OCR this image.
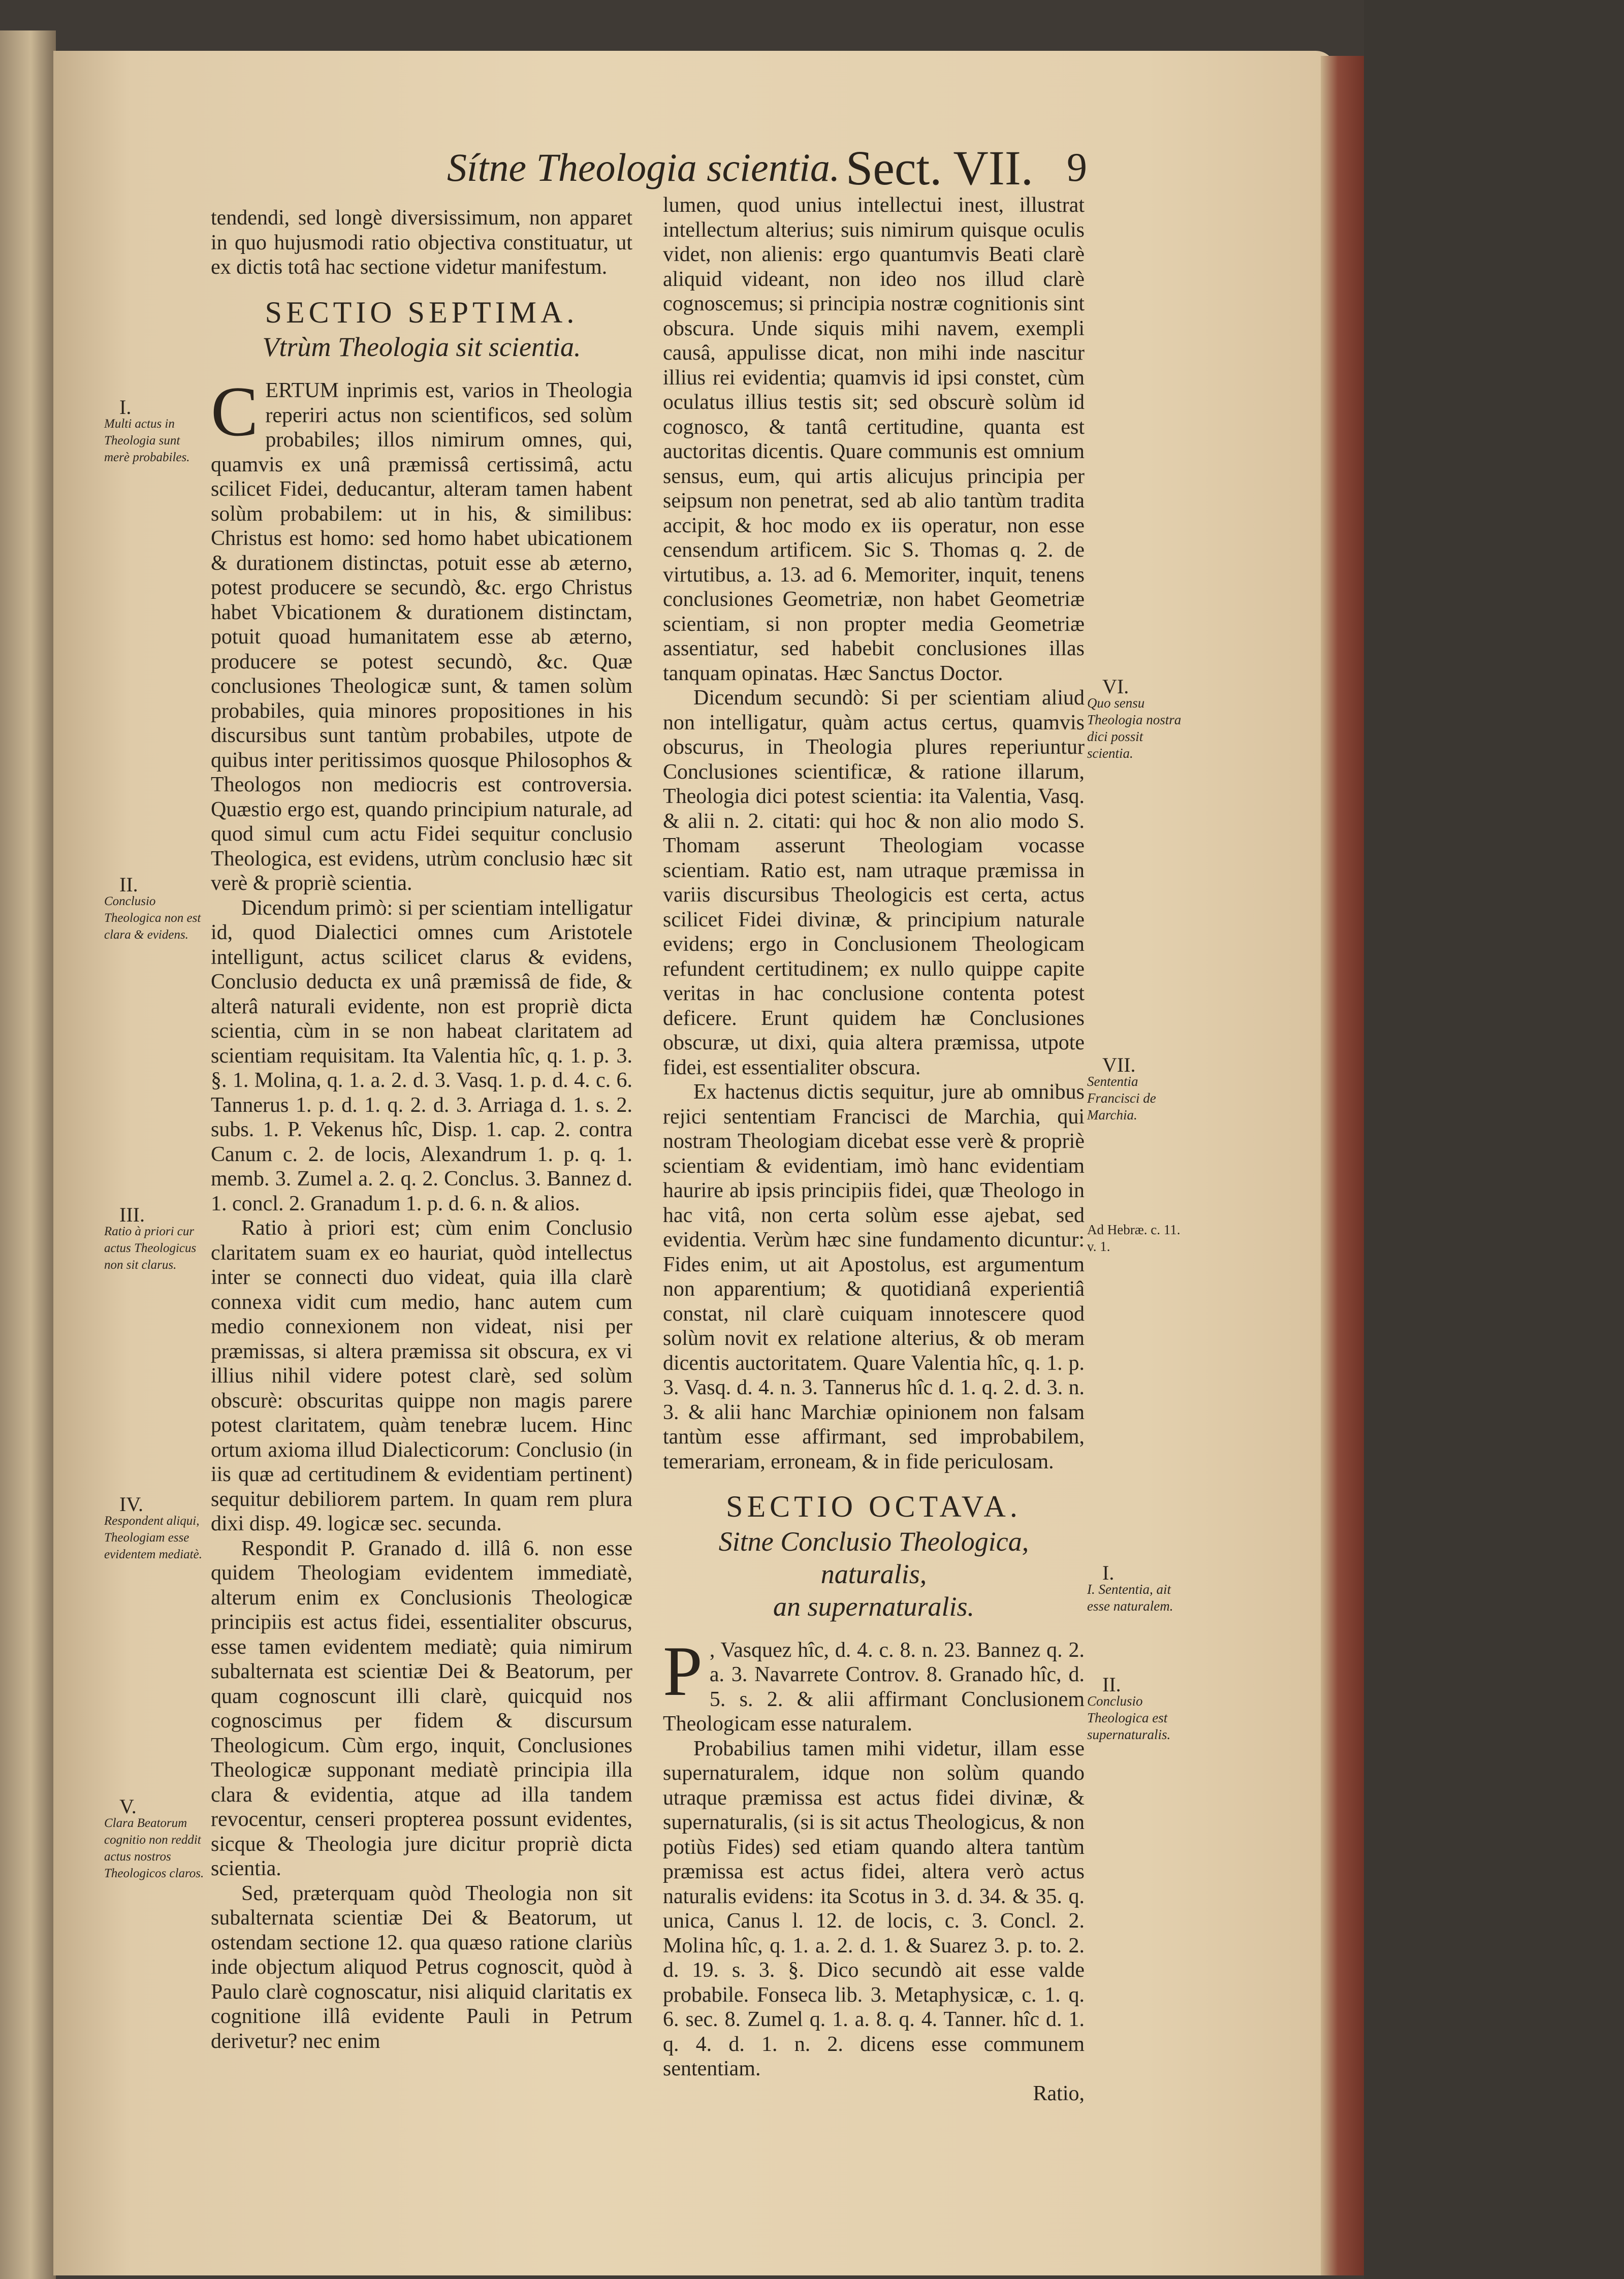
Sítne Theologia scientia. Sect. VII. 9

tendendi, sed longè diversissimum, non apparet in quo hujusmodi ratio objectiva constituatur, ut ex dictis totâ hac sectione videtur manifestum.

SECTIO SEPTIMA.

Vtrùm Theologia sit scientia.

CERTUM inprimis est, varios in Theologia reperiri actus non scientificos, sed solùm probabiles; illos nimirum omnes, qui, quamvis ex unâ præmissâ certissimâ, actu scilicet Fidei, deducantur, alteram tamen habent solùm probabilem: ut in his, & similibus: Christus est homo: sed homo habet ubicationem & durationem distinctas, potuit esse ab æterno, potest producere se secundò, &c. ergo Christus habet Vbicationem & durationem distinctam, potuit quoad humanitatem esse ab æterno, producere se potest secundò, &c. Quæ conclusiones Theologicæ sunt, & tamen solùm probabiles, quia minores propositiones in his discursibus sunt tantùm probabiles, utpote de quibus inter peritissimos quosque Philosophos & Theologos non mediocris est controversia. Quæstio ergo est, quando principium naturale, ad quod simul cum actu Fidei sequitur conclusio Theologica, est evidens, utrùm conclusio hæc sit verè & propriè scientia.

Dicendum primò: si per scientiam intelligatur id, quod Dialectici omnes cum Aristotele intelligunt, actus scilicet clarus & evidens, Conclusio deducta ex unâ præmissâ de fide, & alterâ naturali evidente, non est propriè dicta scientia, cùm in se non habeat claritatem ad scientiam requisitam. Ita Valentia hîc, q. 1. p. 3. §. 1. Molina, q. 1. a. 2. d. 3. Vasq. 1. p. d. 4. c. 6. Tannerus 1. p. d. 1. q. 2. d. 3. Arriaga d. 1. s. 2. subs. 1. P. Vekenus hîc, Disp. 1. cap. 2. contra Canum c. 2. de locis, Alexandrum 1. p. q. 1. memb. 3. Zumel a. 2. q. 2. Conclus. 3. Bannez d. 1. concl. 2. Granadum 1. p. d. 6. n. & alios.

Ratio à priori est; cùm enim Conclusio claritatem suam ex eo hauriat, quòd intellectus inter se connecti duo videat, quia illa clarè connexa vidit cum medio, hanc autem cum medio connexionem non videat, nisi per præmissas, si altera præmissa sit obscura, ex vi illius nihil videre potest clarè, sed solùm obscurè: obscuritas quippe non magis parere potest claritatem, quàm tenebræ lucem. Hinc ortum axioma illud Dialecticorum: Conclusio (in iis quæ ad certitudinem & evidentiam pertinent) sequitur debiliorem partem. In quam rem plura dixi disp. 49. logicæ sec. secunda.

Respondit P. Granado d. illâ 6. non esse quidem Theologiam evidentem immediatè, alterum enim ex Conclusionis Theologicæ principiis est actus fidei, essentialiter obscurus, esse tamen evidentem mediatè; quia nimirum subalternata est scientiæ Dei & Beatorum, per quam cognoscunt illi clarè, quicquid nos cognoscimus per fidem & discursum Theologicum. Cùm ergo, inquit, Conclusiones Theologicæ supponant mediatè principia illa clara & evidentia, atque ad illa tandem revocentur, censeri propterea possunt evidentes, sicque & Theologia jure dicitur propriè dicta scientia.

Sed, præterquam quòd Theologia non sit subalternata scientiæ Dei & Beatorum, ut ostendam sectione 12. qua quæso ratione clariùs inde objectum aliquod Petrus cognoscit, quòd à Paulo clarè cognoscatur, nisi aliquid claritatis ex cognitione illâ evidente Pauli in Petrum derivetur? nec enim

lumen, quod unius intellectui inest, illustrat intellectum alterius; suis nimirum quisque oculis videt, non alienis: ergo quantumvis Beati clarè aliquid videant, non ideo nos illud clarè cognoscemus; si principia nostræ cognitionis sint obscura. Unde siquis mihi navem, exempli causâ, appulisse dicat, non mihi inde nascitur illius rei evidentia; quamvis id ipsi constet, cùm oculatus illius testis sit; sed obscurè solùm id cognosco, & tantâ certitudine, quanta est auctoritas dicentis. Quare communis est omnium sensus, eum, qui artis alicujus principia per seipsum non penetrat, sed ab alio tantùm tradita accipit, & hoc modo ex iis operatur, non esse censendum artificem. Sic S. Thomas q. 2. de virtutibus, a. 13. ad 6. Memoriter, inquit, tenens conclusiones Geometriæ, non habet Geometriæ scientiam, si non propter media Geometriæ assentiatur, sed habebit conclusiones illas tanquam opinatas. Hæc Sanctus Doctor.

Dicendum secundò: Si per scientiam aliud non intelligatur, quàm actus certus, quamvis obscurus, in Theologia plures reperiuntur Conclusiones scientificæ, & ratione illarum, Theologia dici potest scientia: ita Valentia, Vasq. & alii n. 2. citati: qui hoc & non alio modo S. Thomam asserunt Theologiam vocasse scientiam. Ratio est, nam utraque præmissa in variis discursibus Theologicis est certa, actus scilicet Fidei divinæ, & principium naturale evidens; ergo in Conclusionem Theologicam refundent certitudinem; ex nullo quippe capite veritas in hac conclusione contenta potest deficere. Erunt quidem hæ Conclusiones obscuræ, ut dixi, quia altera præmissa, utpote fidei, est essentialiter obscura.

Ex hactenus dictis sequitur, jure ab omnibus rejici sententiam Francisci de Marchia, qui nostram Theologiam dicebat esse verè & propriè scientiam & evidentiam, imò hanc evidentiam haurire ab ipsis principiis fidei, quæ Theologo in hac vitâ, non certa solùm esse ajebat, sed evidentia. Verùm hæc sine fundamento dicuntur: Fides enim, ut ait Apostolus, est argumentum non apparentium; & quotidianâ experientiâ constat, nil clarè cuiquam innotescere quod solùm novit ex relatione alterius, & ob meram dicentis auctoritatem. Quare Valentia hîc, q. 1. p. 3. Vasq. d. 4. n. 3. Tannerus hîc d. 1. q. 2. d. 3. n. 3. & alii hanc Marchiæ opinionem non falsam tantùm esse affirmant, sed improbabilem, temerariam, erroneam, & in fide periculosam.

SECTIO OCTAVA.

Sitne Conclusio Theologica, naturalis,
an supernaturalis.

P , Vasquez hîc, d. 4. c. 8. n. 23. Bannez q. 2. a. 3. Navarrete Controv. 8. Granado hîc, d. 5. s. 2. & alii affirmant Conclusionem Theologicam esse naturalem.

Probabilius tamen mihi videtur, illam esse supernaturalem, idque non solùm quando utraque præmissa est actus fidei divinæ, & supernaturalis, (si is sit actus Theologicus, & non potiùs Fides) sed etiam quando altera tantùm præmissa est actus fidei, altera verò actus naturalis evidens: ita Scotus in 3. d. 34. & 35. q. unica, Canus l. 12. de locis, c. 3. Concl. 2. Molina hîc, q. 1. a. 2. d. 1. & Suarez 3. p. to. 2. d. 19. s. 3. §. Dico secundò ait esse valde probabile. Fonseca lib. 3. Metaphysicæ, c. 1. q. 6. sec. 8. Zumel q. 1. a. 8. q. 4. Tanner. hîc d. 1. q. 4. d. 1. n. 2. dicens esse communem sententiam.

Ratio,

I.
Multi actus in Theologia sunt merè probabiles.
II.
Conclusio Theologica non est clara & evidens.
III.
Ratio à priori cur actus Theologicus non sit clarus.
IV.
Respondent aliqui, Theologiam esse evidentem mediatè.
V.
Clara Beatorum cognitio non reddit actus nostros Theologicos claros.
VI.
Quo sensu Theologia nostra dici possit scientia.
VII.
Sententia Francisci de Marchia.
Ad Hebræ. c. 11. v. 1.
I.
I. Sententia, ait esse naturalem.
II.
Conclusio Theologica est supernaturalis.
